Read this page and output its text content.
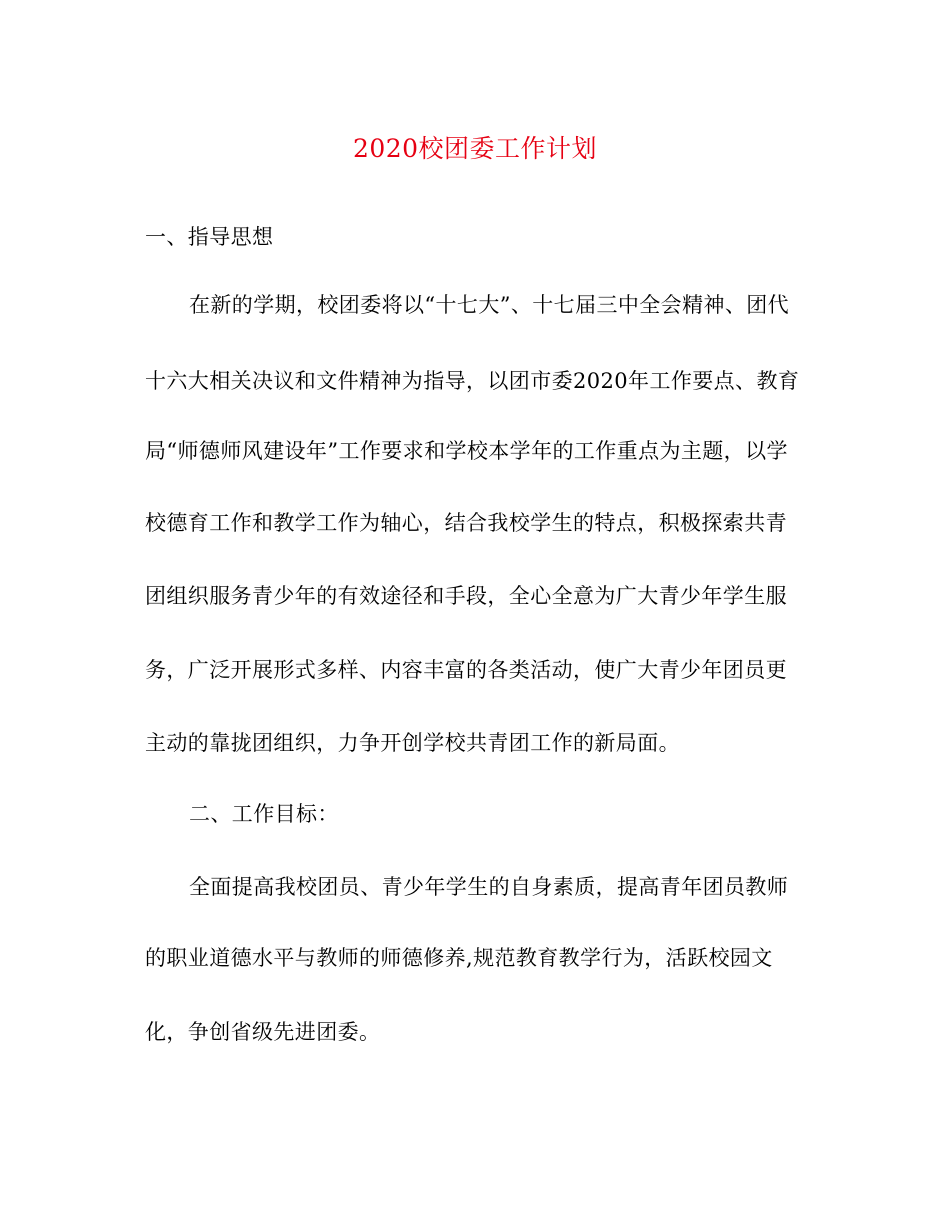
2020校团委工作计划
一、指导思想
在新的学期，校团委将以“十七大”、十七届三中全会精神、团代
十六大相关决议和文件精神为指导，以团市委2020年工作要点、教育
局“师德师风建设年”工作要求和学校本学年的工作重点为主题，以学
校德育工作和教学工作为轴心，结合我校学生的特点，积极探索共青
团组织服务青少年的有效途径和手段，全心全意为广大青少年学生服
务，广泛开展形式多样、内容丰富的各类活动，使广大青少年团员更
主动的靠拢团组织，力争开创学校共青团工作的新局面。
二、工作目标：
全面提高我校团员、青少年学生的自身素质，提高青年团员教师
的职业道德水平与教师的师德修养,规范教育教学行为，活跃校园文
化，争创省级先进团委。
